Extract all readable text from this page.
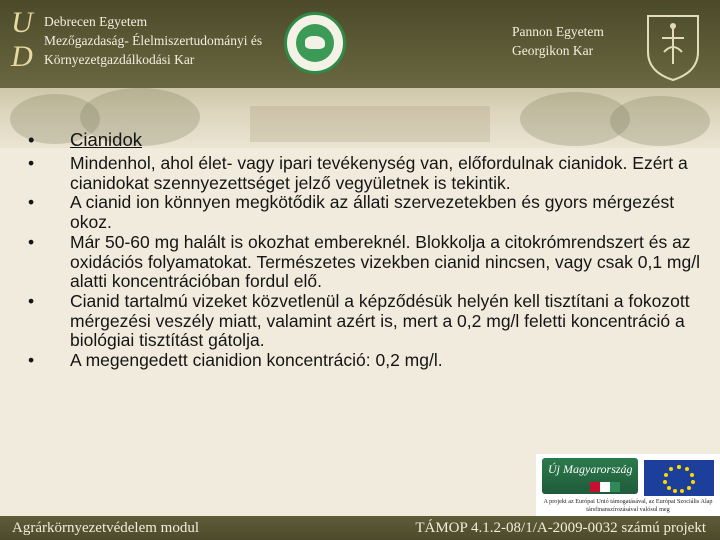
U
D
Debrecen Egyetem
Mezőgazdaság- Élelmiszertudományi és
Környezetgazdálkodási Kar
Pannon Egyetem
Georgikon Kar
•	Cianidok
•	Mindenhol, ahol élet- vagy ipari tevékenység van, előfordulnak cianidok. Ezért a cianidokat szennyezettséget jelző vegyületnek is tekintik.
•	A cianid ion könnyen megkötődik az állati szervezetekben és gyors mérgezést okoz.
•	Már 50-60 mg halált is okozhat embereknél. Blokkolja a citokrómrendszert és az oxidációs folyamatokat. Természetes vizekben cianid nincsen, vagy csak 0,1 mg/l alatti koncentrációban fordul elő.
•	Cianid tartalmú vizeket közvetlenül a képződésük helyén kell tisztítani a fokozott mérgezési veszély miatt, valamint azért is, mert a 0,2 mg/l feletti koncentráció a biológiai tisztítást gátolja.
•	A megengedett cianidion koncentráció: 0,2 mg/l.
Új Magyarország
A projekt az Európai Unió támogatásával, az Európai Szociális Alap társfinanszírozásával valósul meg
Agrárkörnyezetvédelem modul	TÁMOP 4.1.2-08/1/A-2009-0032 számú projekt
